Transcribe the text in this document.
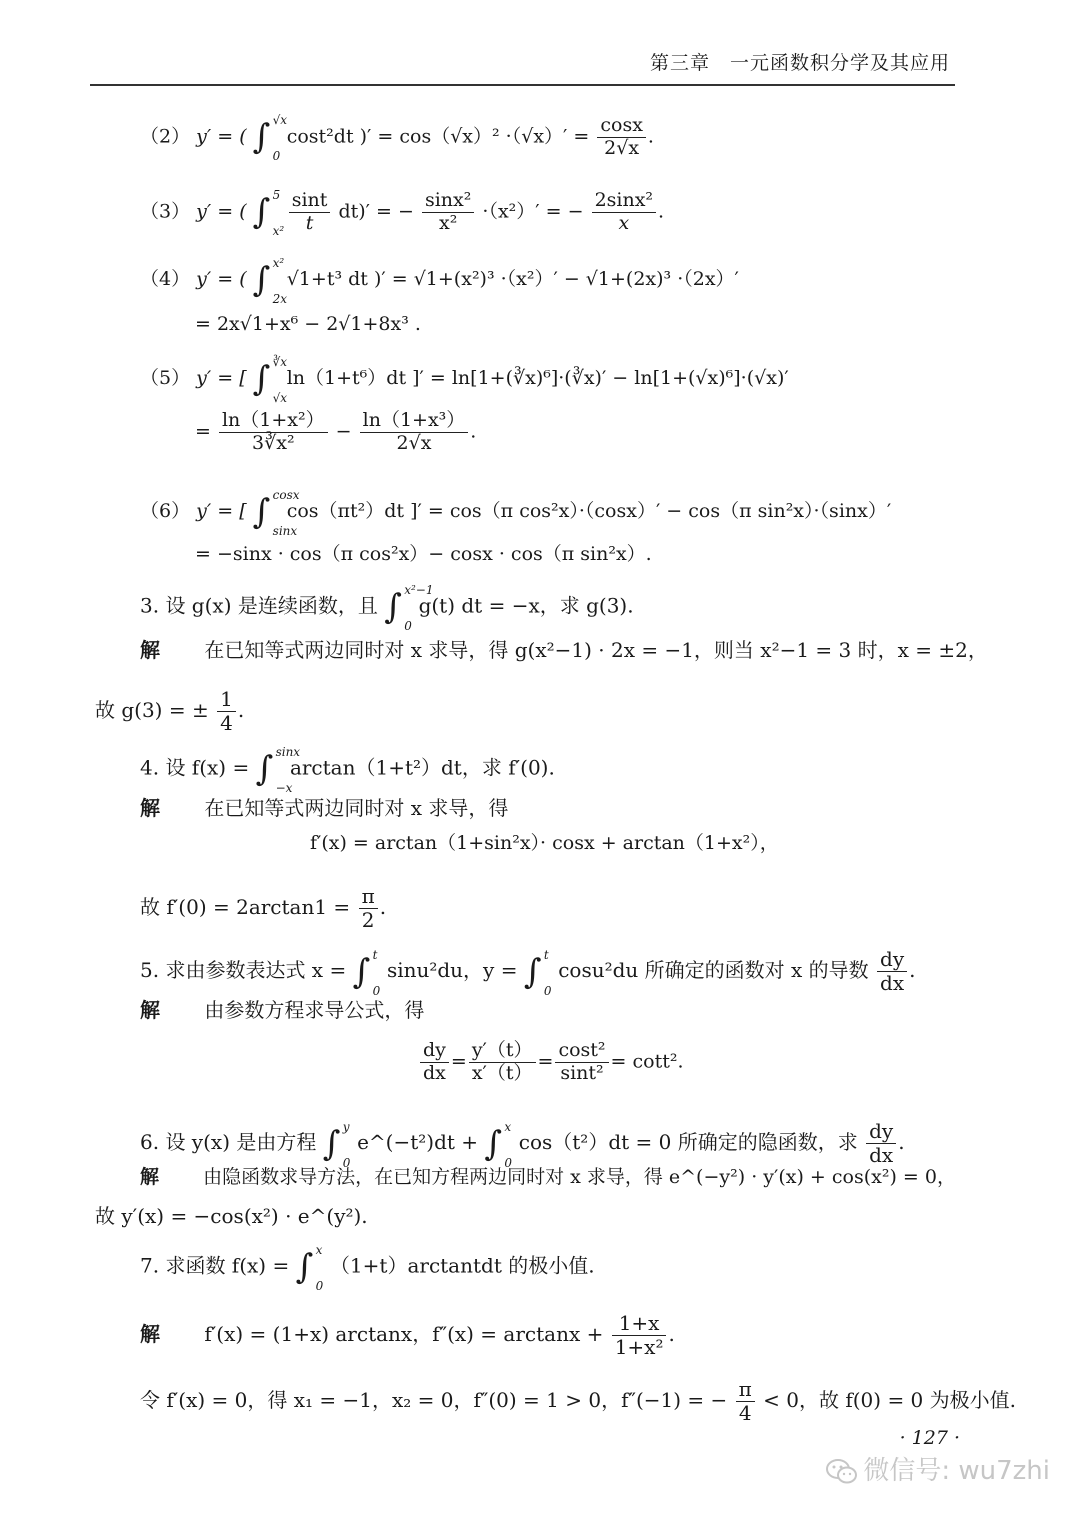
第三章　一元函数积分学及其应用
（2） y′ = ( ∫ √x
0
cost²dt )′ = $\cos(√x)^2 \cdot(√x)' = \frac{\cos x}{2√x}$ .
（3） y′ = ( ∫ 5
x²
$\frac{\sin t}{t} dt)'$ = − $\frac{\text{sinx²}}{\text{x²}} \cdot(x^2)'$ = − $\frac{\text{2sinx²}}{x}$ .
（4） y′ = ( ∫ x²
2x
√1+t³ dt )′ = √1+(x²)³ ·（x²）′ − √1+(2x)³ ·（2x）′
= 2x√1+x⁶ − 2√1+8x³ .
（5） y′ = [ ∫ ∛x
√x
ln（1+t⁶）dt ]′ = ln[1+(∛x)⁶]·(∛x)′ − ln[1+(√x)⁶]·(√x)′
= $\frac{\text{ln（1+x²）}}{\text{3∛x²}} - \frac{\text{ln（1+x³）}}{2√x}$ .
（6） y′ = [ ∫ cosx
sinx
cos（πt²）dt ]′ = cos（π cos²x）·（cosx）′ − cos（π sin²x）·（sinx）′
= −sinx · cos（π cos²x）− cosx · cos（π sin²x）.
3. 设 g(x) 是连续函数，且 ∫ x²−1
0
g(t) dt = −x，求 g(3).
解 在已知等式两边同时对 x 求导，得 g(x²−1) · 2x = −1，则当 x²−1 = 3 时，x = ±2，
故 g(3) = ± $\frac{1}{4}$ .
4. 设 f(x) = ∫ sinx
−x
arctan（1+t²）dt，求 f′(0).
解 在已知等式两边同时对 x 求导，得
f′(x) = arctan（1+sin²x）· cosx + arctan（1+x²），
故 $f'(0) = 2\arctan 1 = \frac{\pi}{2}$ .
5. 求由参数表达式 x = ∫ t
0
sinu²du，y = ∫ t
0
cosu²du 所确定的函数对 x 的导数 $\frac{dy}{dx}$ .
解 由参数方程求导公式，得
$\frac{dy}{dx} = \frac{y'(t)}{x'(t)} = \frac{\text{cost²}}{\text{sint²}} = \cot t^2$.
6. 设 y(x) 是由方程 ∫ y
0
e^(−t²)dt + ∫ x
0
cos（t²）dt = 0 所确定的隐函数，求 $\frac{dy}{dx}$ .
解 由隐函数求导方法，在已知方程两边同时对 x 求导，得 e^(−y²) · y′(x) + cos(x²) = 0，
故 y′(x) = −cos(x²) · e^(y²).
7. 求函数 f(x) = ∫ x
0
（1+t）arctantdt 的极小值.
解 f′(x) = (1+x) arctanx，$f''(x) = \arctan x + \frac{1+x}{\text{1+x²}}$ .
令 f′(x) = 0，得 x₁ = −1，x₂ = 0，f″(0) = 1 > 0，f″(−1) = − $\frac{\pi}{4} < 0$，故 f(0) = 0 为极小值.
· 127 ·
微信号: wu7zhi
